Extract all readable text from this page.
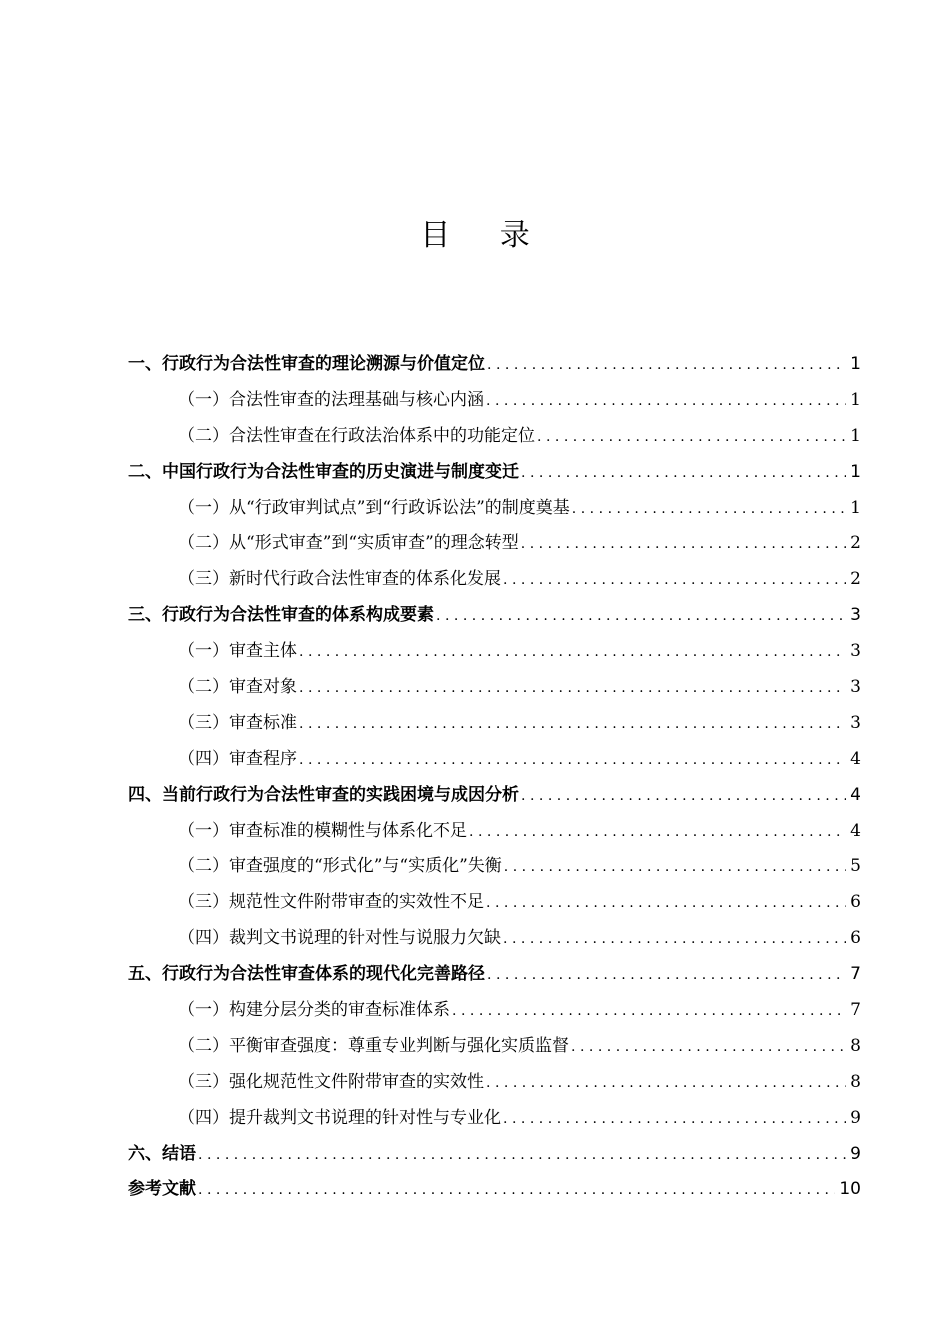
目 录
一、行政行为合法性审查的理论溯源与价值定位 .....	1
（一）合法性审查的法理基础与核心内涵 .....	1
（二）合法性审查在行政法治体系中的功能定位 .....	1
二、中国行政行为合法性审查的历史演进与制度变迁 .....	1
（一）从“行政审判试点”到“行政诉讼法”的制度奠基 .....	1
（二）从“形式审查”到“实质审查”的理念转型 .....	2
（三）新时代行政合法性审查的体系化发展 .....	2
三、行政行为合法性审查的体系构成要素 .....	3
（一）审查主体 .....	3
（二）审查对象 .....	3
（三）审查标准 .....	3
（四）审查程序 .....	4
四、当前行政行为合法性审查的实践困境与成因分析 .....	4
（一）审查标准的模糊性与体系化不足 .....	4
（二）审查强度的“形式化”与“实质化”失衡 .....	5
（三）规范性文件附带审查的实效性不足 .....	6
（四）裁判文书说理的针对性与说服力欠缺 .....	6
五、行政行为合法性审查体系的现代化完善路径 .....	7
（一）构建分层分类的审查标准体系 .....	7
（二）平衡审查强度：尊重专业判断与强化实质监督 .....	8
（三）强化规范性文件附带审查的实效性 .....	8
（四）提升裁判文书说理的针对性与专业化 .....	9
六、结语 .....	9
参考文献 .....	10
